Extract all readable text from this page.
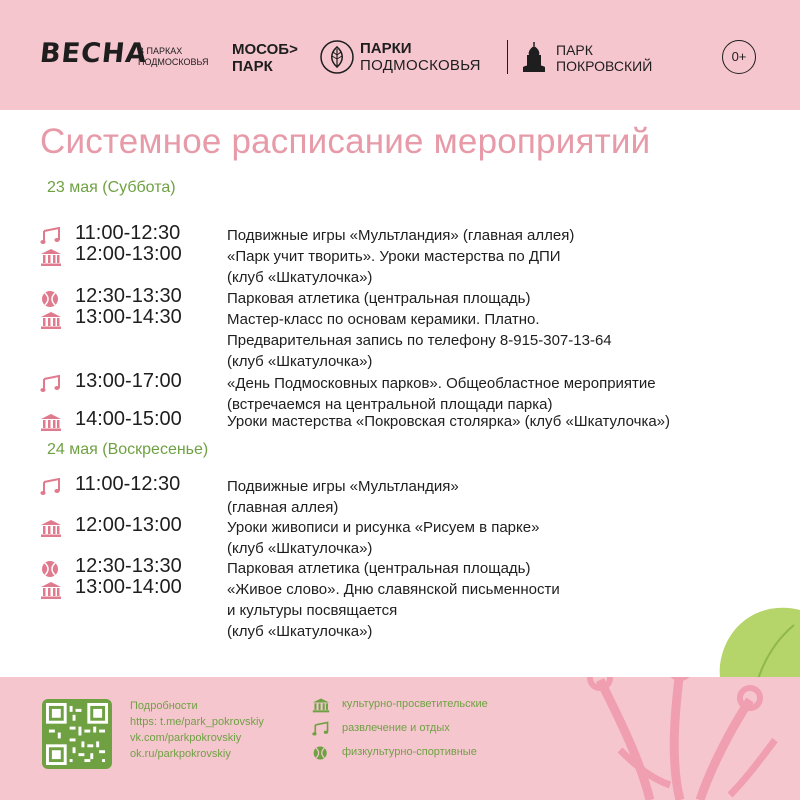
ВЕСНА
В ПАРКАХ ПОДМОСКОВЬЯ
МОСОБ> ПАРК
ПАРКИ
ПОДМОСКОВЬЯ
ПАРК
ПОКРОВСКИЙ
0+
Системное расписание мероприятий
23 мая (Суббота)
11:00-12:30	Подвижные игры «Мультландия» (главная аллея)
12:00-13:00	«Парк учит творить». Уроки мастерства по ДПИ
(клуб «Шкатулочка»)
12:30-13:30	Парковая атлетика (центральная площадь)
13:00-14:30	Мастер-класс по основам керамики. Платно.
Предварительная запись по телефону 8-915-307-13-64
(клуб «Шкатулочка»)
13:00-17:00	«День Подмосковных парков». Общеобластное мероприятие
(встречаемся на центральной площади парка)
14:00-15:00	Уроки мастерства «Покровская столярка» (клуб «Шкатулочка»)
24 мая (Воскресенье)
11:00-12:30	Подвижные игры «Мультландия»
(главная аллея)
12:00-13:00	Уроки живописи и рисунка «Рисуем в парке»
(клуб «Шкатулочка»)
12:30-13:30	Парковая атлетика (центральная площадь)
13:00-14:00	«Живое слово». Дню славянской письменности
и культуры посвящается
(клуб «Шкатулочка»)
Подробности
https: t.me/park_pokrovskiy
vk.com/parkpokrovskiy
ok.ru/parkpokrovskiy
культурно-просветительские
развлечение и отдых
физкультурно-спортивные
